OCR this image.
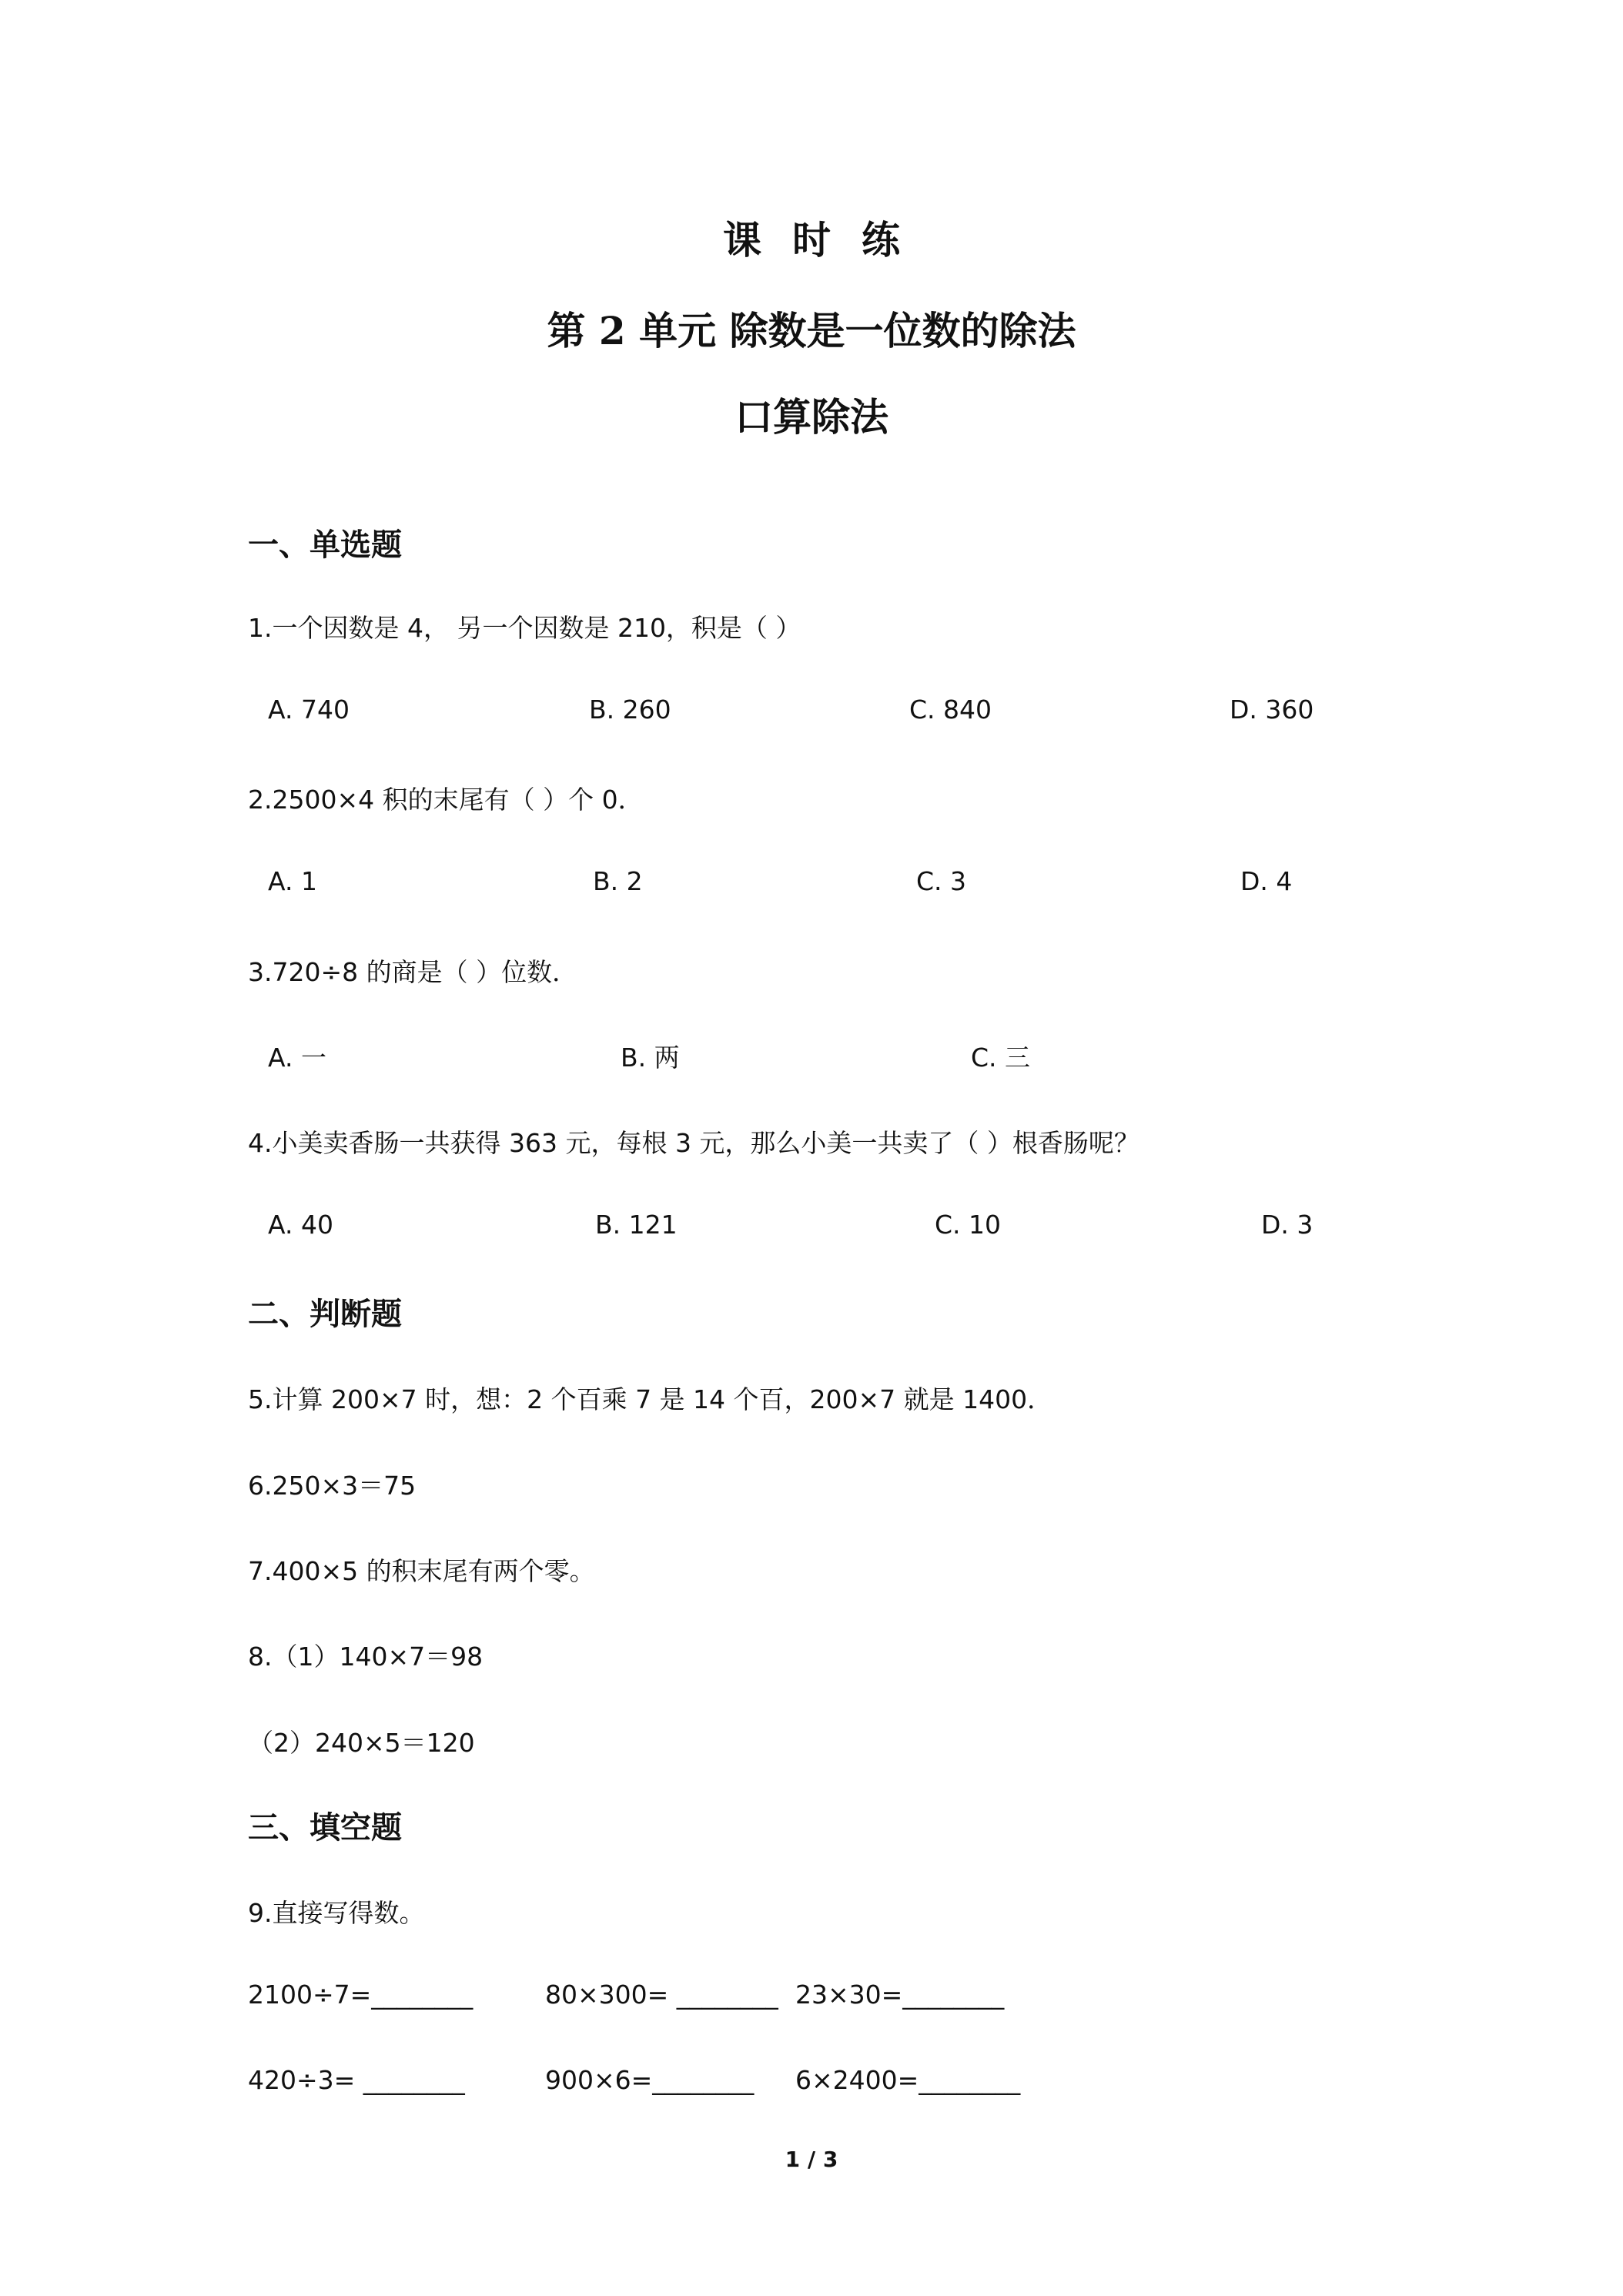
课时练
第 2 单元 除数是一位数的除法
口算除法
一、单选题
1.一个因数是 4， 另一个因数是 210，积是（ ）
A. 740	B. 260	C. 840	D. 360
2.2500×4 积的末尾有（ ）个 0．
A. 1	B. 2	C. 3	D. 4
3.720÷8 的商是（ ）位数．
A. 一	B. 两	C. 三
4.小美卖香肠一共获得 363 元，每根 3 元，那么小美一共卖了（ ）根香肠呢？
A. 40	B. 121	C. 10	D. 3
二、判断题
5.计算 200×7 时，想：2 个百乘 7 是 14 个百，200×7 就是 1400．
6.250×3＝75
7.400×5 的积末尾有两个零。
8.（1）140×7＝98
（2）240×5＝120
三、填空题
9.直接写得数。
2100÷7=________	80×300= ________ 23×30=________
420÷3= ________	900×6=________ 6×2400=________
1 / 3
